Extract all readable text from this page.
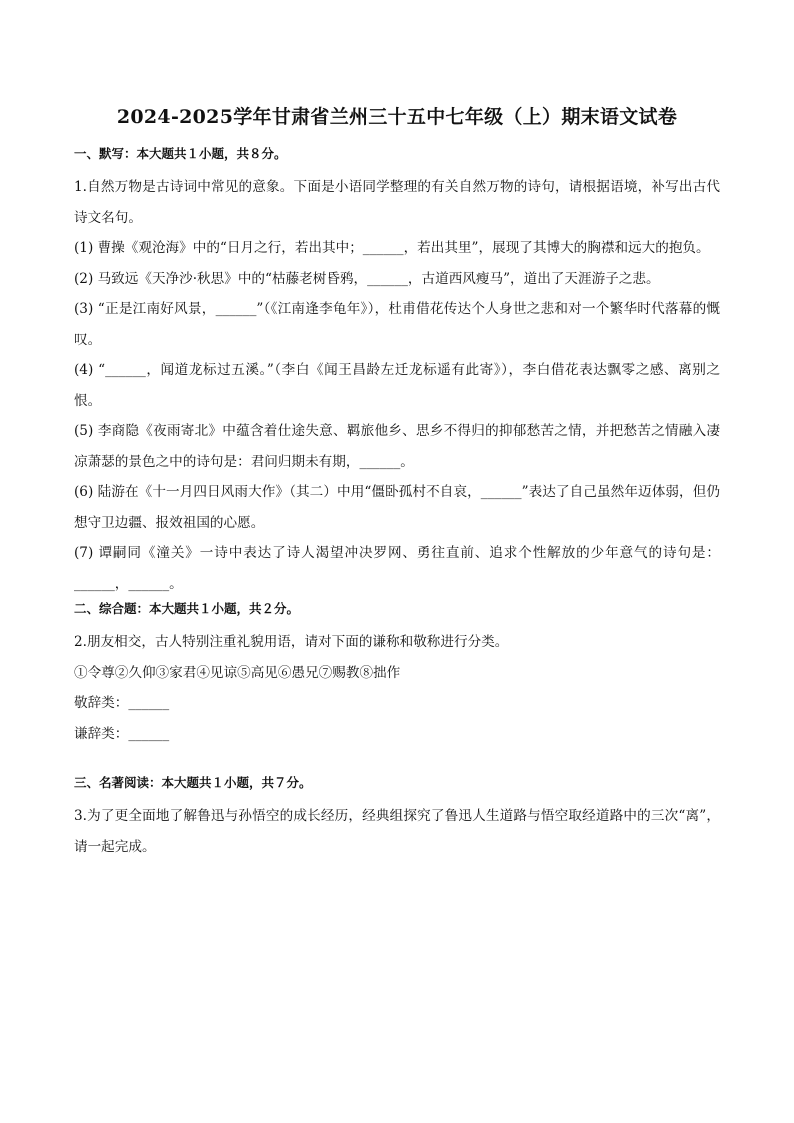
2024-2025学年甘肃省兰州三十五中七年级（上）期末语文试卷
一、默写：本大题共１小题，共８分。

1.自然万物是古诗词中常见的意象。下面是小语同学整理的有关自然万物的诗句，请根据语境，补写出古代诗文名句。

(1) 曹操《观沧海》中的“日月之行，若出其中；______，若出其里”，展现了其博大的胸襟和远大的抱负。

(2) 马致远《天净沙·秋思》中的“枯藤老树昏鸦，______，古道西风瘦马”，道出了天涯游子之悲。

(3) “正是江南好风景，______”（《江南逢李龟年》），杜甫借花传达个人身世之悲和对一个繁华时代落幕的慨叹。

(4) “______，闻道龙标过五溪。”（李白《闻王昌龄左迁龙标遥有此寄》），李白借花表达飘零之感、离别之恨。

(5) 李商隐《夜雨寄北》中蕴含着仕途失意、羁旅他乡、思乡不得归的抑郁愁苦之情，并把愁苦之情融入凄凉萧瑟的景色之中的诗句是：君问归期未有期，______。

(6) 陆游在《十一月四日风雨大作》（其二）中用“僵卧孤村不自哀，______”表达了自己虽然年迈体弱，但仍想守卫边疆、报效祖国的心愿。

(7) 谭嗣同《潼关》一诗中表达了诗人渴望冲决罗网、勇往直前、追求个性解放的少年意气的诗句是：______，______。

二、综合题：本大题共１小题，共２分。

2.朋友相交，古人特别注重礼貌用语，请对下面的谦称和敬称进行分类。

①令尊②久仰③家君④见谅⑤高见⑥愚兄⑦赐教⑧拙作

敬辞类：______

谦辞类：______

三、名著阅读：本大题共１小题，共７分。

3.为了更全面地了解鲁迅与孙悟空的成长经历，经典组探究了鲁迅人生道路与悟空取经道路中的三次“离”，请一起完成。
